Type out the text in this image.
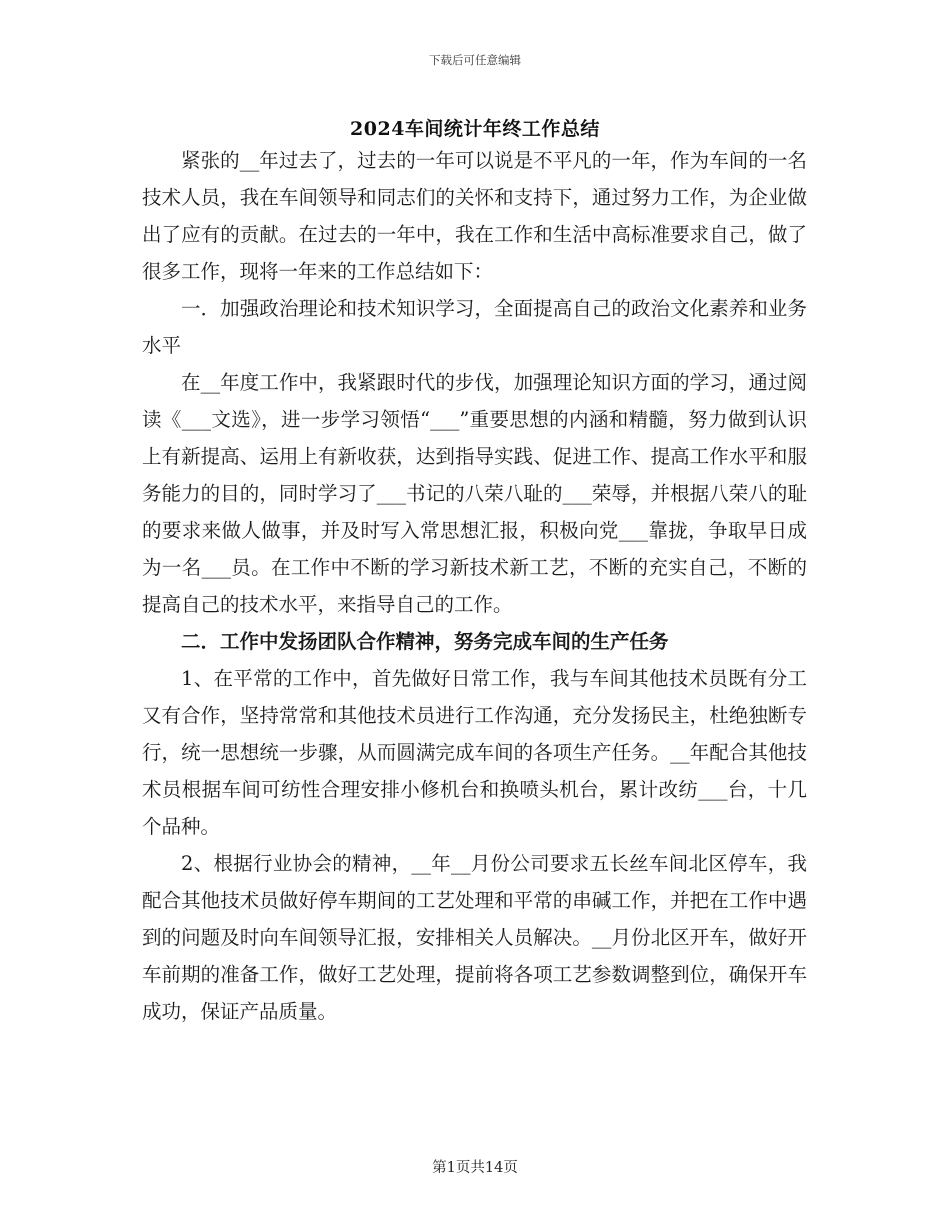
下载后可任意编辑
2024车间统计年终工作总结

紧张的__年过去了，过去的一年可以说是不平凡的一年，作为车间的一名技术人员，我在车间领导和同志们的关怀和支持下，通过努力工作，为企业做出了应有的贡献。在过去的一年中，我在工作和生活中高标准要求自己，做了很多工作，现将一年来的工作总结如下：

一．加强政治理论和技术知识学习，全面提高自己的政治文化素养和业务水平

在__年度工作中，我紧跟时代的步伐，加强理论知识方面的学习，通过阅读《___文选》，进一步学习领悟“___”重要思想的内涵和精髓，努力做到认识上有新提高、运用上有新收获，达到指导实践、促进工作、提高工作水平和服务能力的目的，同时学习了___书记的八荣八耻的___荣辱，并根据八荣八的耻的要求来做人做事，并及时写入常思想汇报，积极向党___靠拢，争取早日成为一名___员。在工作中不断的学习新技术新工艺，不断的充实自己，不断的提高自己的技术水平，来指导自己的工作。

二．工作中发扬团队合作精神，努务完成车间的生产任务

1、在平常的工作中，首先做好日常工作，我与车间其他技术员既有分工又有合作，坚持常常和其他技术员进行工作沟通，充分发扬民主，杜绝独断专行，统一思想统一步骤，从而圆满完成车间的各项生产任务。__年配合其他技术员根据车间可纺性合理安排小修机台和换喷头机台，累计改纺___台，十几个品种。

2、根据行业协会的精神，__年__月份公司要求五长丝车间北区停车，我配合其他技术员做好停车期间的工艺处理和平常的串碱工作，并把在工作中遇到的问题及时向车间领导汇报，安排相关人员解决。__月份北区开车，做好开车前期的准备工作，做好工艺处理，提前将各项工艺参数调整到位，确保开车成功，保证产品质量。

第1页共14页
